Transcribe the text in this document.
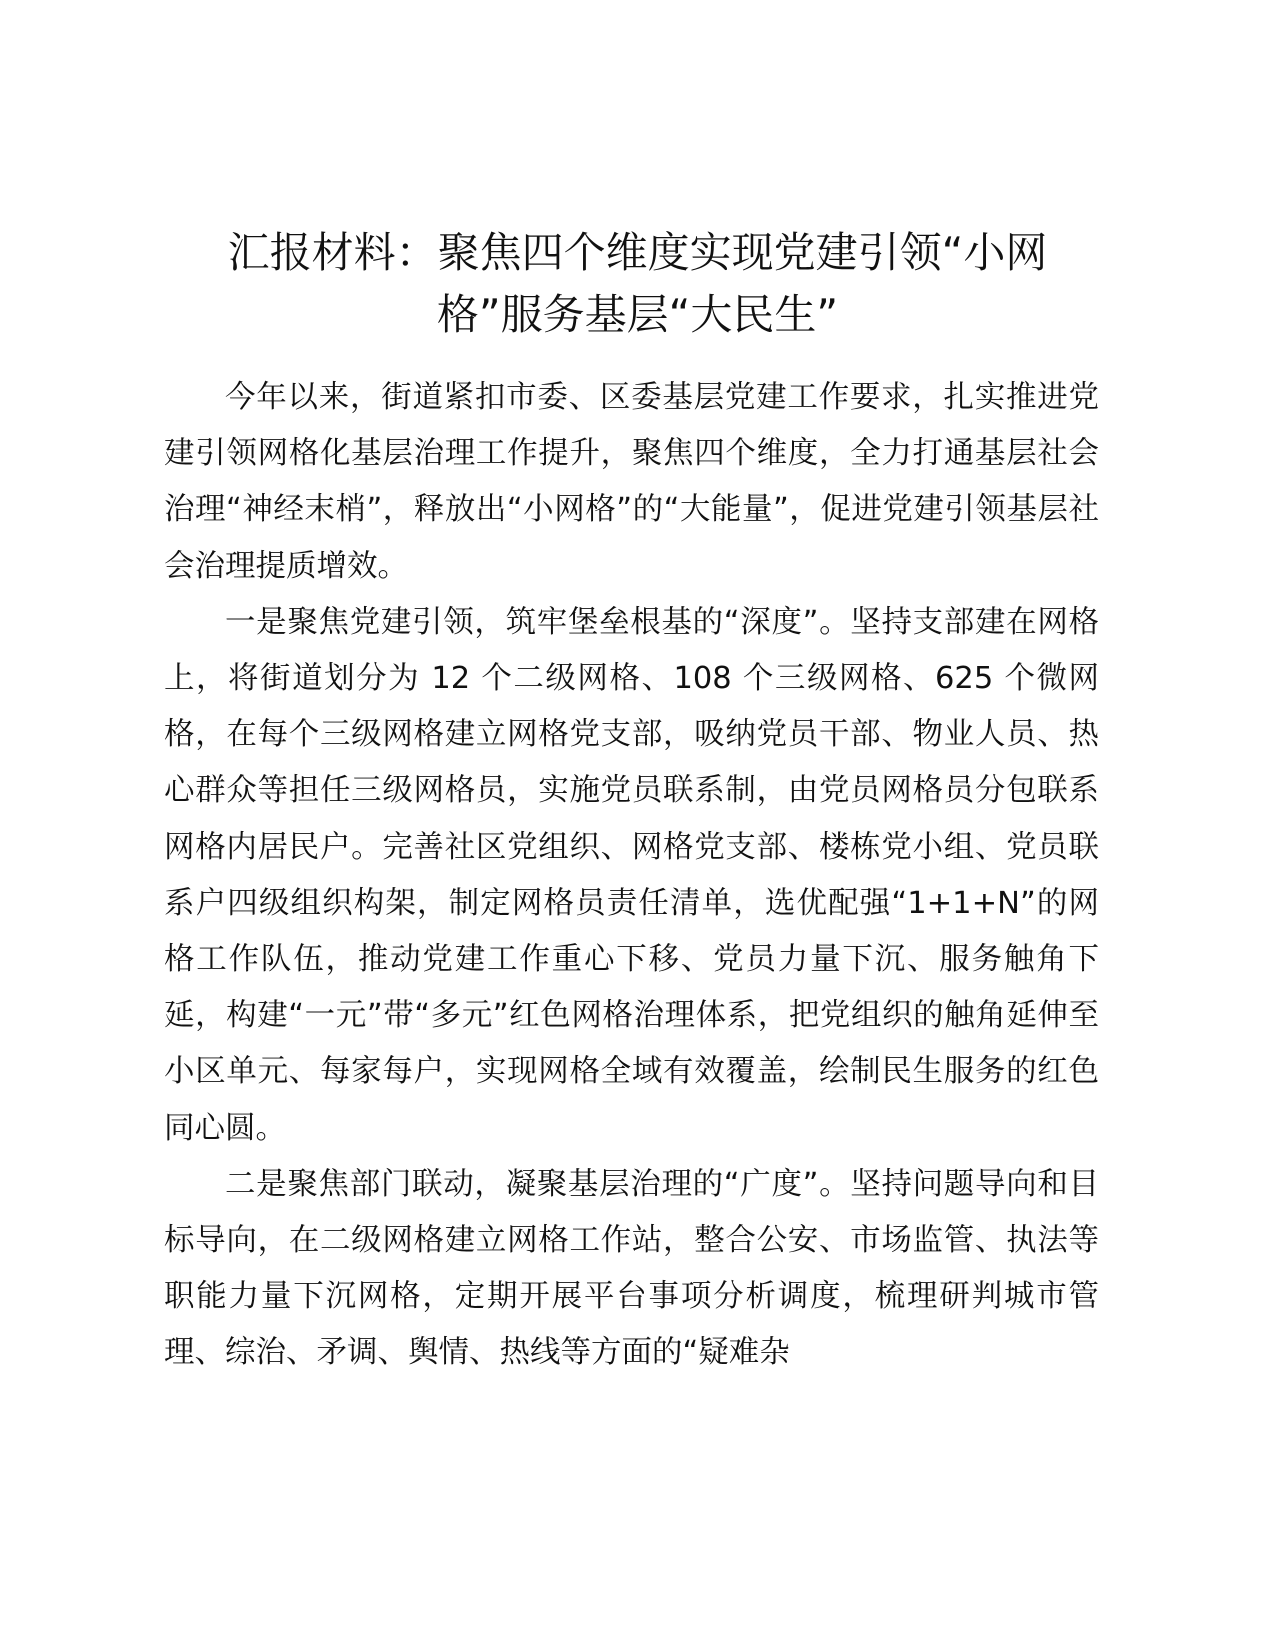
汇报材料：聚焦四个维度实现党建引领“小网
格”服务基层“大民生”

今年以来，街道紧扣市委、区委基层党建工作要求，扎实推进党建引领网格化基层治理工作提升，聚焦四个维度，全力打通基层社会治理“神经末梢”，释放出“小网格”的“大能量”，促进党建引领基层社会治理提质增效。

一是聚焦党建引领，筑牢堡垒根基的“深度”。坚持支部建在网格上，将街道划分为 12 个二级网格、108 个三级网格、625 个微网格，在每个三级网格建立网格党支部，吸纳党员干部、物业人员、热心群众等担任三级网格员，实施党员联系制，由党员网格员分包联系网格内居民户。完善社区党组织、网格党支部、楼栋党小组、党员联系户四级组织构架，制定网格员责任清单，选优配强“1+1+N”的网格工作队伍，推动党建工作重心下移、党员力量下沉、服务触角下延，构建“一元”带“多元”红色网格治理体系，把党组织的触角延伸至小区单元、每家每户，实现网格全域有效覆盖，绘制民生服务的红色同心圆。

二是聚焦部门联动，凝聚基层治理的“广度”。坚持问题导向和目标导向，在二级网格建立网格工作站，整合公安、市场监管、执法等职能力量下沉网格，定期开展平台事项分析调度，梳理研判城市管理、综治、矛调、舆情、热线等方面的“疑难杂
